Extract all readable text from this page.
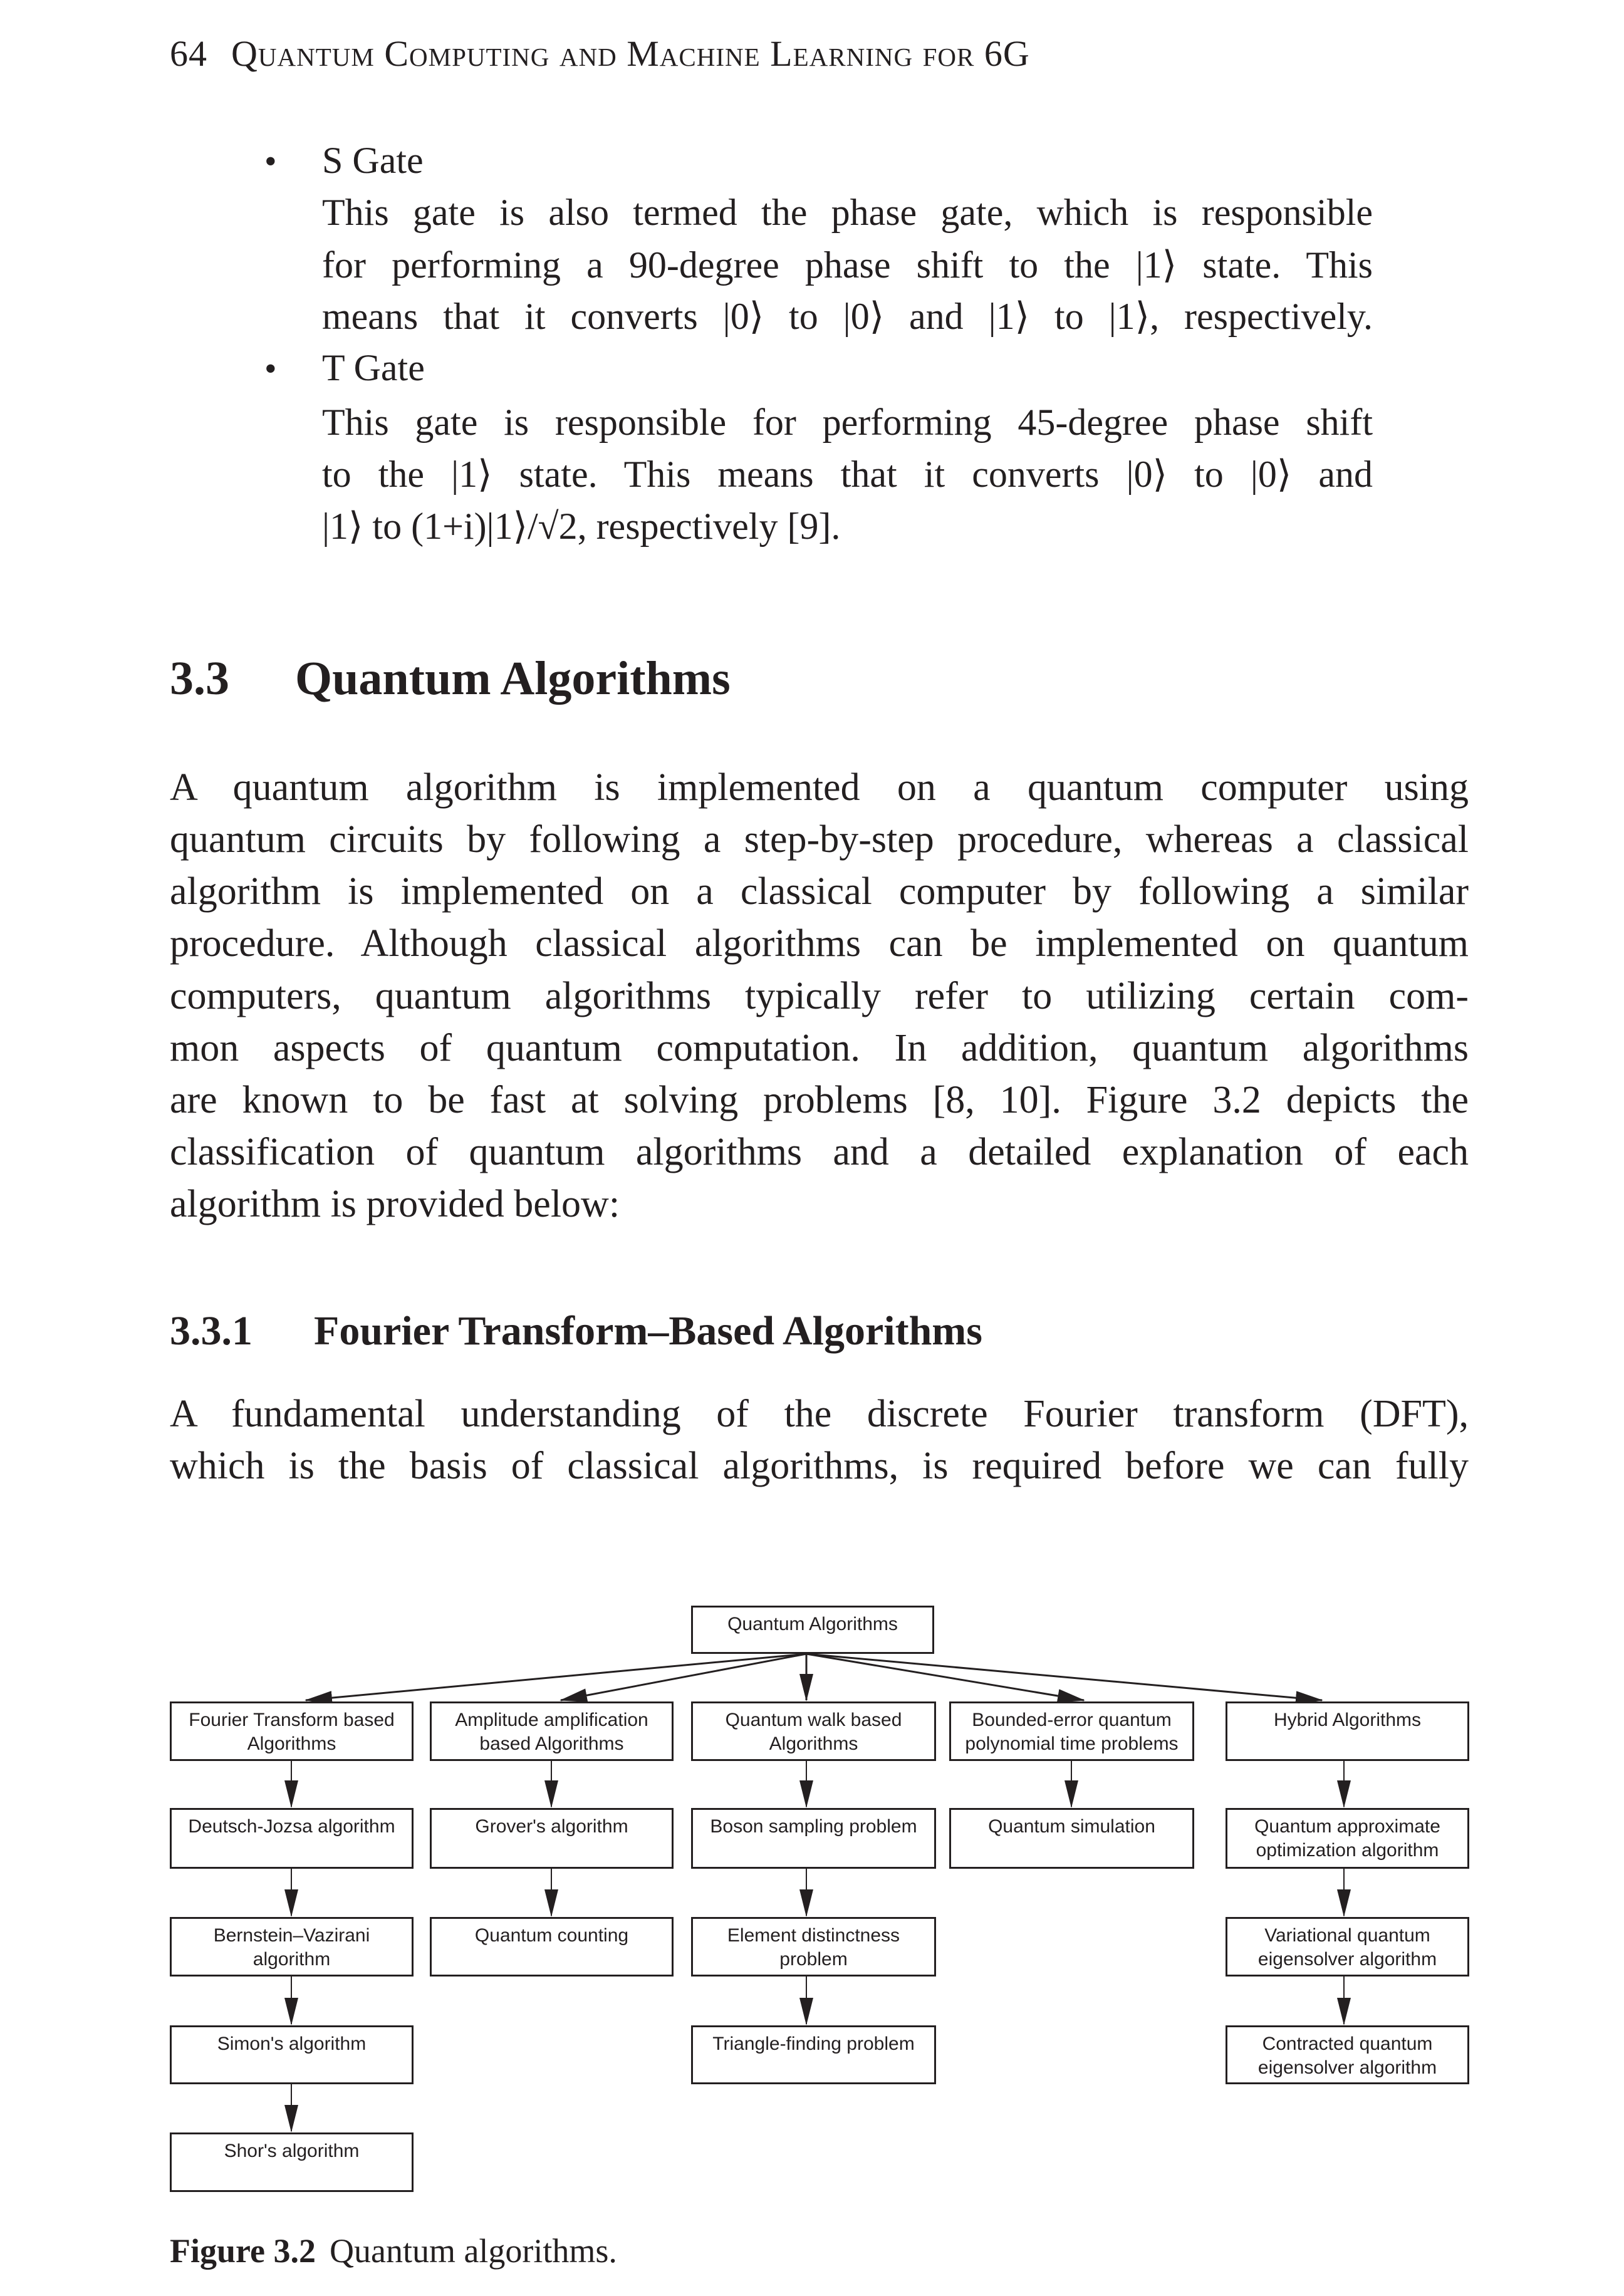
64 Quantum Computing and Machine Learning for 6G
• S Gate
This gate is also termed the phase gate, which is responsible
for performing a 90-degree phase shift to the |1⟩ state. This
means that it converts |0⟩ to |0⟩ and |1⟩ to |1⟩, respectively.
• T Gate
This gate is responsible for performing 45-degree phase shift
to the |1⟩ state. This means that it converts |0⟩ to |0⟩ and
|1⟩ to (1+i)|1⟩/√2, respectively [9].
3.3 Quantum Algorithms
A quantum algorithm is implemented on a quantum computer using
quantum circuits by following a step-by-step procedure, whereas a classical
algorithm is implemented on a classical computer by following a similar
procedure. Although classical algorithms can be implemented on quantum
computers, quantum algorithms typically refer to utilizing certain com-
mon aspects of quantum computation. In addition, quantum algorithms
are known to be fast at solving problems [8, 10]. Figure 3.2 depicts the
classification of quantum algorithms and a detailed explanation of each
algorithm is provided below:
3.3.1 Fourier Transform–Based Algorithms
A fundamental understanding of the discrete Fourier transform (DFT),
which is the basis of classical algorithms, is required before we can fully
Quantum Algorithms
Fourier Transform based
Algorithms
Amplitude amplification
based Algorithms
Quantum walk based
Algorithms
Bounded-error quantum
polynomial time problems
Hybrid Algorithms
Deutsch-Jozsa algorithm	Grover's algorithm	Boson sampling problem	Quantum simulation	Quantum approximate
optimization algorithm
Bernstein–Vazirani
algorithm
Quantum counting	Element distinctness
problem
Variational quantum
eigensolver algorithm
Simon's algorithm	Triangle-finding problem	Contracted quantum
eigensolver algorithm
Shor's algorithm
Figure 3.2 Quantum algorithms.
